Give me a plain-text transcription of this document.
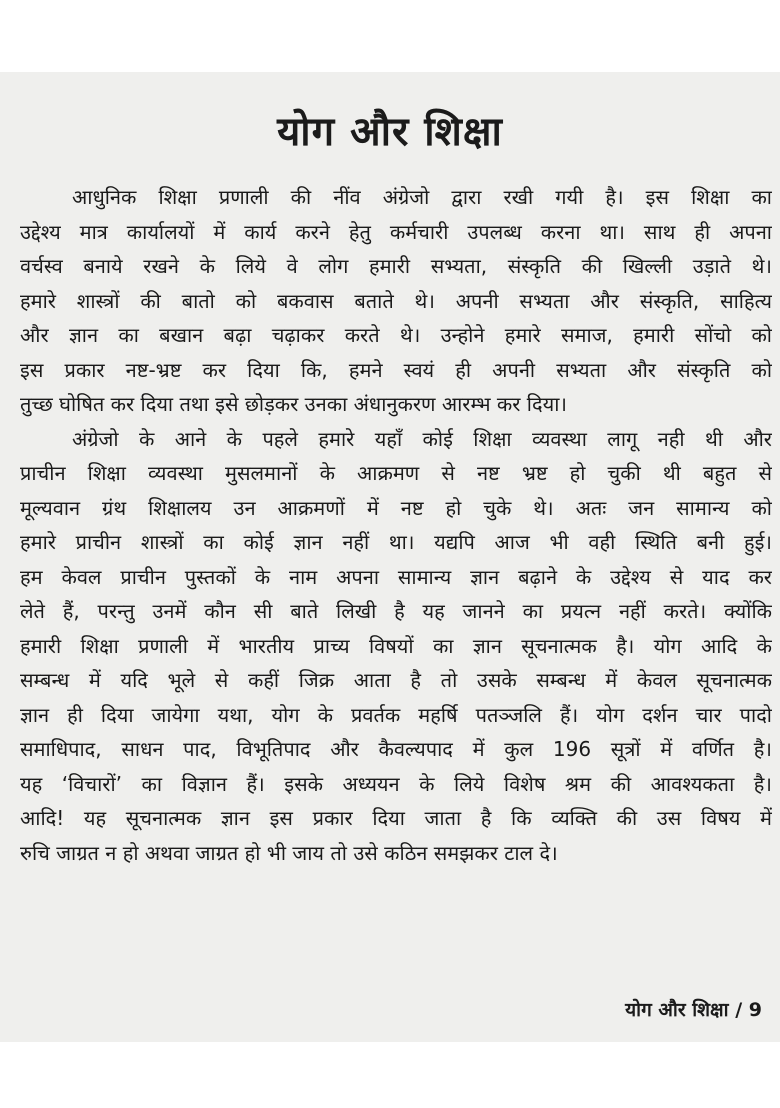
योग और शिक्षा
आधुनिक शिक्षा प्रणाली की नींव अंग्रेजो द्वारा रखी गयी है। इस शिक्षा का
उद्देश्य मात्र कार्यालयों में कार्य करने हेतु कर्मचारी उपलब्ध करना था। साथ ही अपना
वर्चस्व बनाये रखने के लिये वे लोग हमारी सभ्यता, संस्कृति की खिल्ली उड़ाते थे।
हमारे शास्त्रों की बातो को बकवास बताते थे। अपनी सभ्यता और संस्कृति, साहित्य
और ज्ञान का बखान बढ़ा चढ़ाकर करते थे। उन्होने हमारे समाज, हमारी सोंचो को
इस प्रकार नष्ट-भ्रष्ट कर दिया कि, हमने स्वयं ही अपनी सभ्यता और संस्कृति को
तुच्छ घोषित कर दिया तथा इसे छोड़कर उनका अंधानुकरण आरम्भ कर दिया।
अंग्रेजो के आने के पहले हमारे यहाँ कोई शिक्षा व्यवस्था लागू नही थी और
प्राचीन शिक्षा व्यवस्था मुसलमानों के आक्रमण से नष्ट भ्रष्ट हो चुकी थी बहुत से
मूल्यवान ग्रंथ शिक्षालय उन आक्रमणों में नष्ट हो चुके थे। अतः जन सामान्य को
हमारे प्राचीन शास्त्रों का कोई ज्ञान नहीं था। यद्यपि आज भी वही स्थिति बनी हुई।
हम केवल प्राचीन पुस्तकों के नाम अपना सामान्य ज्ञान बढ़ाने के उद्देश्य से याद कर
लेते हैं, परन्तु उनमें कौन सी बाते लिखी है यह जानने का प्रयत्न नहीं करते। क्योंकि
हमारी शिक्षा प्रणाली में भारतीय प्राच्य विषयों का ज्ञान सूचनात्मक है। योग आदि के
सम्बन्ध में यदि भूले से कहीं जिक्र आता है तो उसके सम्बन्ध में केवल सूचनात्मक
ज्ञान ही दिया जायेगा यथा, योग के प्रवर्तक महर्षि पतञ्जलि हैं। योग दर्शन चार पादो
समाधिपाद, साधन पाद, विभूतिपाद और कैवल्यपाद में कुल 196 सूत्रों में वर्णित है।
यह ‘विचारों’ का विज्ञान हैं। इसके अध्ययन के लिये विशेष श्रम की आवश्यकता है।
आदि! यह सूचनात्मक ज्ञान इस प्रकार दिया जाता है कि व्यक्ति की उस विषय में
रुचि जाग्रत न हो अथवा जाग्रत हो भी जाय तो उसे कठिन समझकर टाल दे।
योग और शिक्षा / 9
